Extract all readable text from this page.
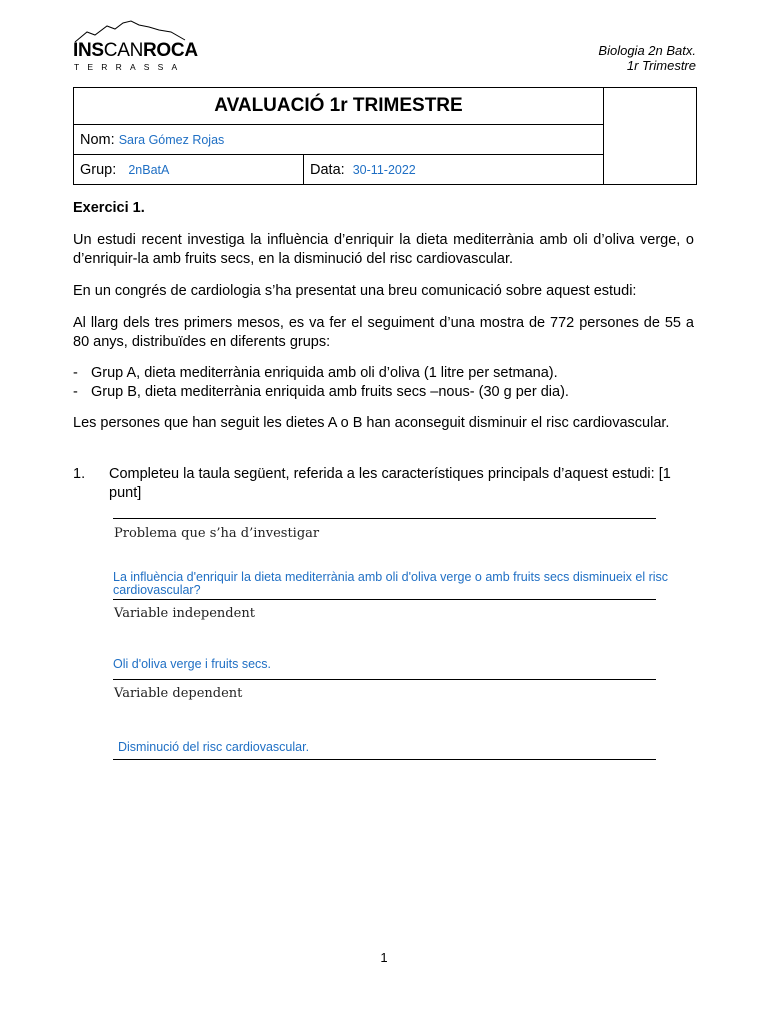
INSCANROCA
TERRASSA
Biologia 2n Batx.
1r Trimestre
AVALUACIÓ 1r TRIMESTRE		
Nom: Sara Gómez Rojas		
Grup: 2nBatA	Data: 30-11-2022	
Exercici 1.
Un estudi recent investiga la influència d’enriquir la dieta mediterrània amb oli d’oliva verge, o d’enriquir-la amb fruits secs, en la disminució del risc cardiovascular.
En un congrés de cardiologia s’ha presentat una breu comunicació sobre aquest estudi:
Al llarg dels tres primers mesos, es va fer el seguiment d’una mostra de 772 persones de 55 a 80 anys, distribuïdes en diferents grups:
- Grup A, dieta mediterrània enriquida amb oli d’oliva (1 litre per setmana).
- Grup B, dieta mediterrània enriquida amb fruits secs –nous- (30 g per dia).
Les persones que han seguit les dietes A o B han aconseguit disminuir el risc cardiovascular.
1. Completeu la taula següent, referida a les característiques principals d’aquest estudi: [1 punt]
Problema que s’ha d’investigar
La influència d'enriquir la dieta mediterrània amb oli d'oliva verge o amb fruits secs disminueix el risc cardiovascular?
Variable independent
Oli d'oliva verge i fruits secs.
Variable dependent
Disminució del risc cardiovascular.
1
